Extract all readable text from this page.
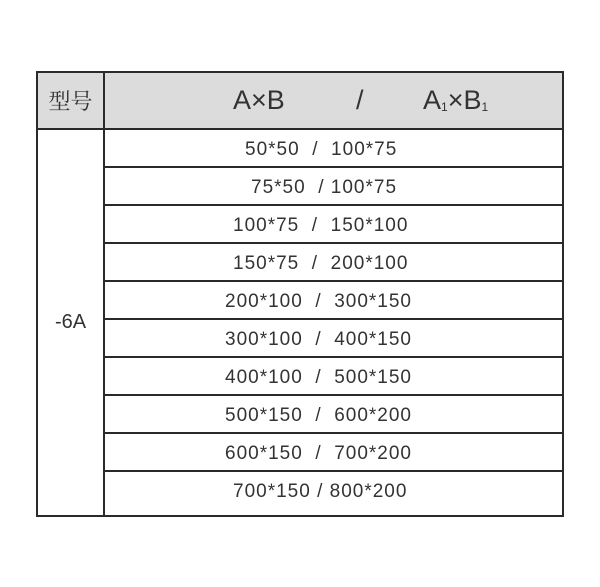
型号	A×B	/ $A_1\times B_1$
-6A
50*50  /  100*75
75*50  / 100*75
100*75  /  150*100
150*75  /  200*100
200*100  /  300*150
300*100  /  400*150
400*100  /  500*150
500*150  /  600*200
600*150  /  700*200
700*150 / 800*200
